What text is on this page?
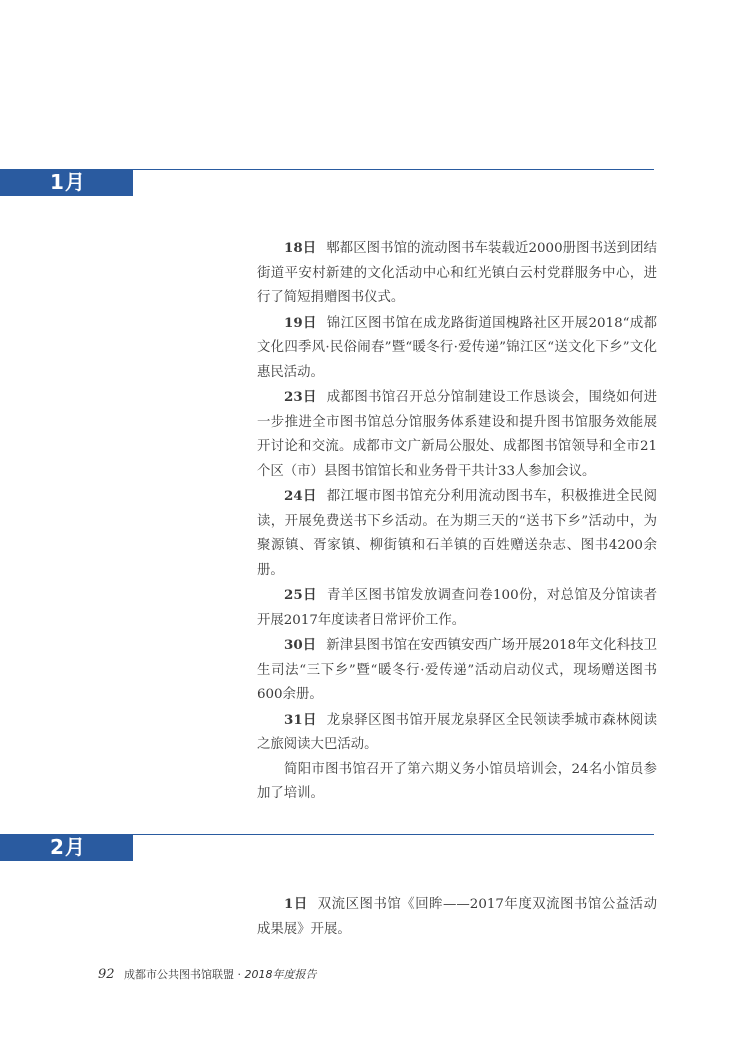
1月

18日 郫都区图书馆的流动图书车装载近2000册图书送到团结街道平安村新建的文化活动中心和红光镇白云村党群服务中心，进行了简短捐赠图书仪式。

19日 锦江区图书馆在成龙路街道国槐路社区开展2018“成都文化四季风·民俗闹春”暨“暖冬行·爱传递”锦江区“送文化下乡”文化惠民活动。

23日 成都图书馆召开总分馆制建设工作恳谈会，围绕如何进一步推进全市图书馆总分馆服务体系建设和提升图书馆服务效能展开讨论和交流。成都市文广新局公服处、成都图书馆领导和全市21个区（市）县图书馆馆长和业务骨干共计33人参加会议。

24日 都江堰市图书馆充分利用流动图书车，积极推进全民阅读，开展免费送书下乡活动。在为期三天的“送书下乡”活动中，为聚源镇、胥家镇、柳街镇和石羊镇的百姓赠送杂志、图书4200余册。

25日 青羊区图书馆发放调查问卷100份，对总馆及分馆读者开展2017年度读者日常评价工作。

30日 新津县图书馆在安西镇安西广场开展2018年文化科技卫生司法“三下乡”暨“暖冬行·爱传递”活动启动仪式，现场赠送图书600余册。

31日 龙泉驿区图书馆开展龙泉驿区全民领读季城市森林阅读之旅阅读大巴活动。

简阳市图书馆召开了第六期义务小馆员培训会，24名小馆员参加了培训。

2月

1日 双流区图书馆《回眸——2017年度双流图书馆公益活动成果展》开展。

92 成都市公共图书馆联盟 · 2018年度报告
